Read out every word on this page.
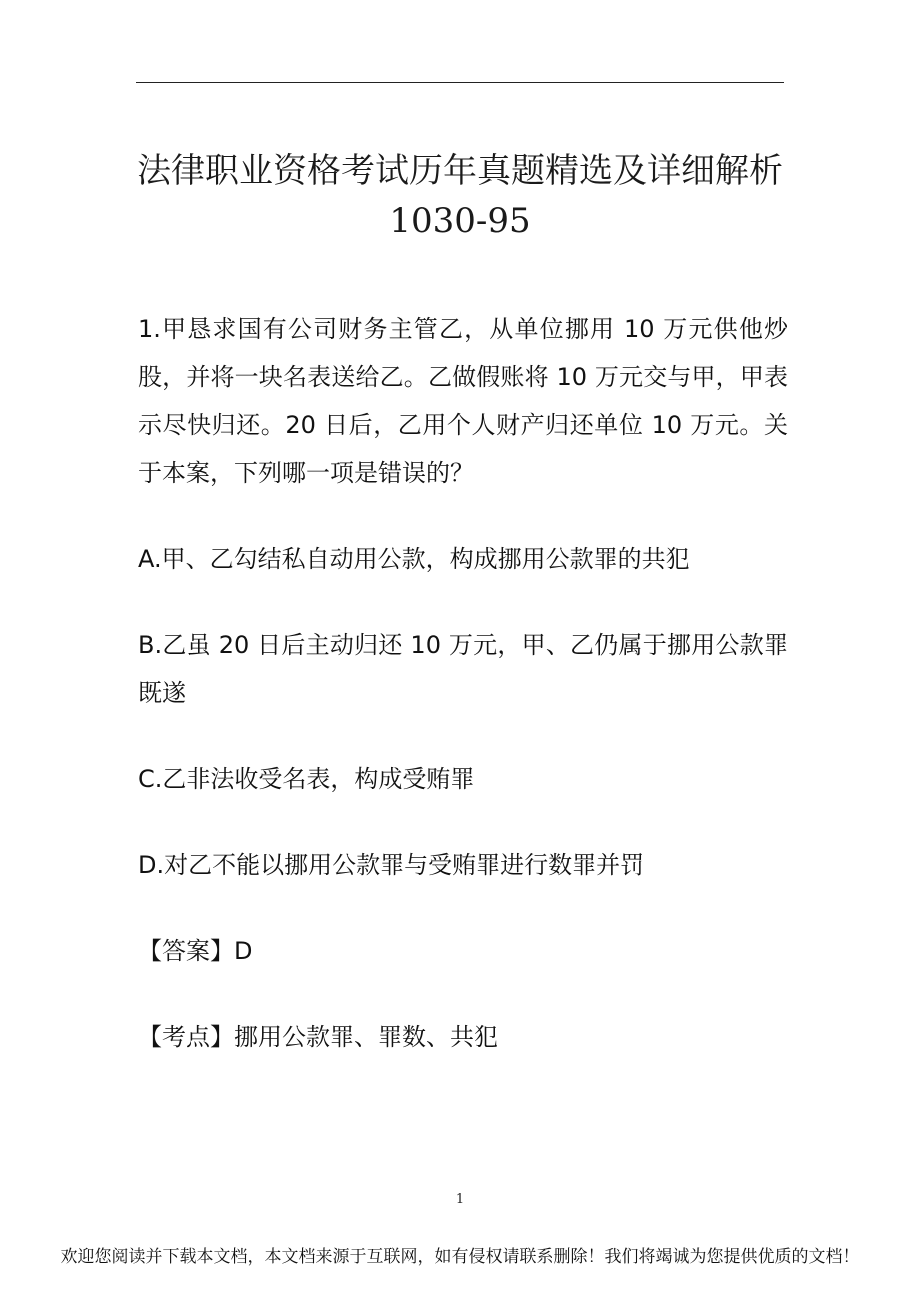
法律职业资格考试历年真题精选及详细解析 1030-95

1.甲恳求国有公司财务主管乙，从单位挪用 10 万元供他炒股，并将一块名表送给乙。乙做假账将 10 万元交与甲，甲表示尽快归还。20 日后，乙用个人财产归还单位 10 万元。关于本案，下列哪一项是错误的？

A.甲、乙勾结私自动用公款，构成挪用公款罪的共犯

B.乙虽 20 日后主动归还 10 万元，甲、乙仍属于挪用公款罪既遂

C.乙非法收受名表，构成受贿罪

D.对乙不能以挪用公款罪与受贿罪进行数罪并罚

【答案】D

【考点】挪用公款罪、罪数、共犯

1
欢迎您阅读并下载本文档，本文档来源于互联网，如有侵权请联系删除！我们将竭诚为您提供优质的文档！
